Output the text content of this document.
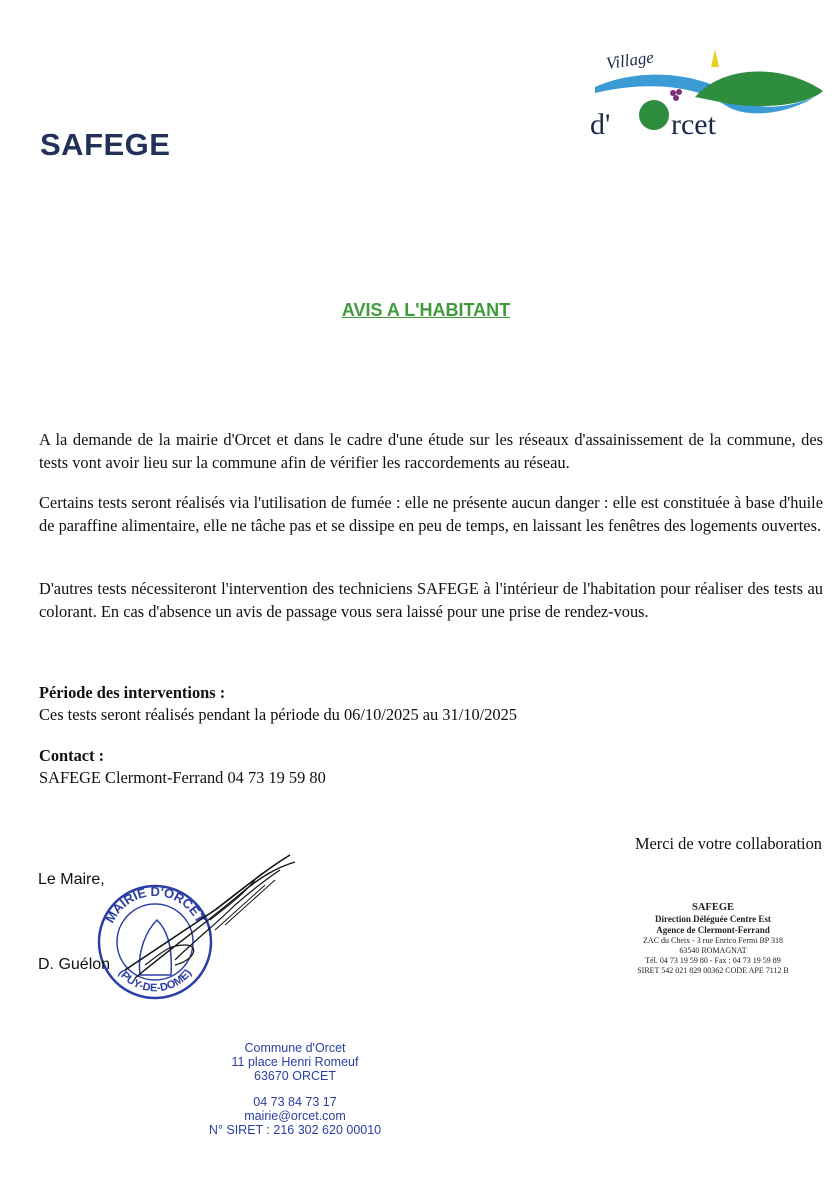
SAFEGE
Village
d' rcet
AVIS A L'HABITANT

A la demande de la mairie d'Orcet et dans le cadre d'une étude sur les réseaux d'assainissement de la commune, des tests vont avoir lieu sur la commune afin de vérifier les raccordements au réseau.

Certains tests seront réalisés via l'utilisation de fumée : elle ne présente aucun danger : elle est constituée à base d'huile de paraffine alimentaire, elle ne tâche pas et se dissipe en peu de temps, en laissant les fenêtres des logements ouvertes.

D'autres tests nécessiteront l'intervention des techniciens SAFEGE à l'intérieur de l'habitation pour réaliser des tests au colorant. En cas d'absence un avis de passage vous sera laissé pour une prise de rendez-vous.

Période des interventions :
Ces tests seront réalisés pendant la période du 06/10/2025 au 31/10/2025
Contact :
SAFEGE Clermont-Ferrand 04 73 19 59 80
Merci de votre collaboration
MAIRIE D'ORCET
(PUY-DE-DOME)
Le Maire,
D. Guélon
SAFEGE
Direction Déléguée Centre Est
Agence de Clermont-Ferrand
ZAC du Cheix - 3 rue Enrico Fermi BP 318
63540 ROMAGNAT
Tél. 04 73 19 59 80 - Fax : 04 73 19 59 89
SIRET 542 021 829 00362 CODE APE 7112 B
Commune d'Orcet
11 place Henri Romeuf
63670 ORCET
04 73 84 73 17
mairie@orcet.com
N° SIRET : 216 302 620 00010
